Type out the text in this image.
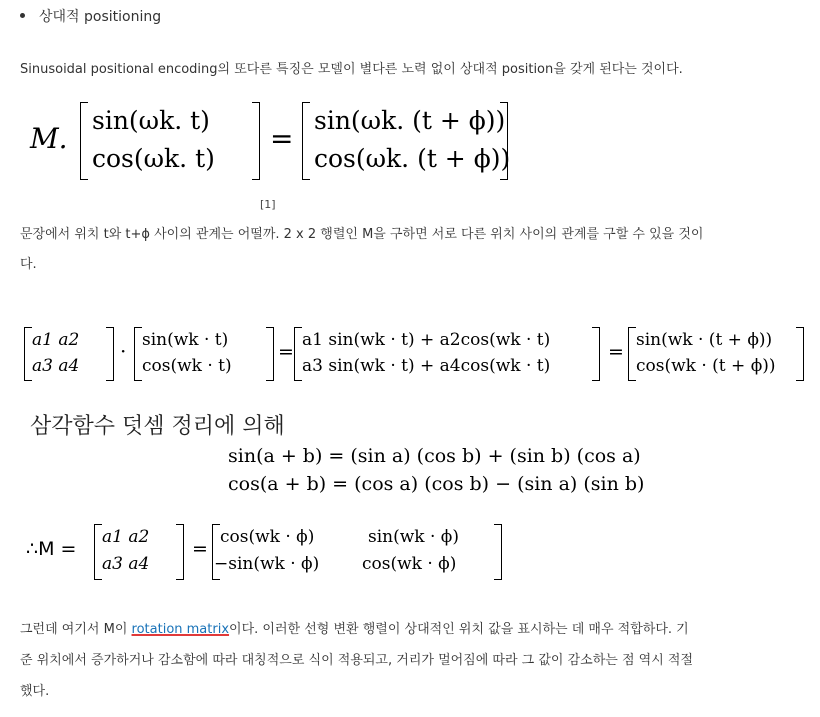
상대적 positioning
Sinusoidal positional encoding의 또다른 특징은 모델이 별다른 노력 없이 상대적 position을 갖게 된다는 것이다.
M.
sin(ωk. t)
cos(ωk. t)
=
sin(ωk. (t + ϕ))
cos(ωk. (t + ϕ))
[1]
문장에서 위치 t와 t+ϕ 사이의 관계는 어떨까. 2 x 2 행렬인 M을 구하면 서로 다른 위치 사이의 관계를 구할 수 있을 것이
다.
a1 a2
a3 a4
· sin(wk · t)
cos(wk · t)
=
a1 sin(wk · t) + a2cos(wk · t)
a3 sin(wk · t) + a4cos(wk · t)
=
sin(wk · (t + ϕ))
cos(wk · (t + ϕ))
삼각함수 덧셈 정리에 의해
sin(a + b) = (sin a) (cos b) + (sin b) (cos a)
cos(a + b) = (cos a) (cos b) − (sin a) (sin b)
∴M =
a1 a2
a3 a4
=
cos(wk · ϕ)	sin(wk · ϕ)
−sin(wk · ϕ)	cos(wk · ϕ)
그런데 여기서 M이 rotation matrix이다. 이러한 선형 변환 행렬이 상대적인 위치 값을 표시하는 데 매우 적합하다. 기
준 위치에서 증가하거나 감소함에 따라 대칭적으로 식이 적용되고, 거리가 멀어짐에 따라 그 값이 감소하는 점 역시 적절
했다.
